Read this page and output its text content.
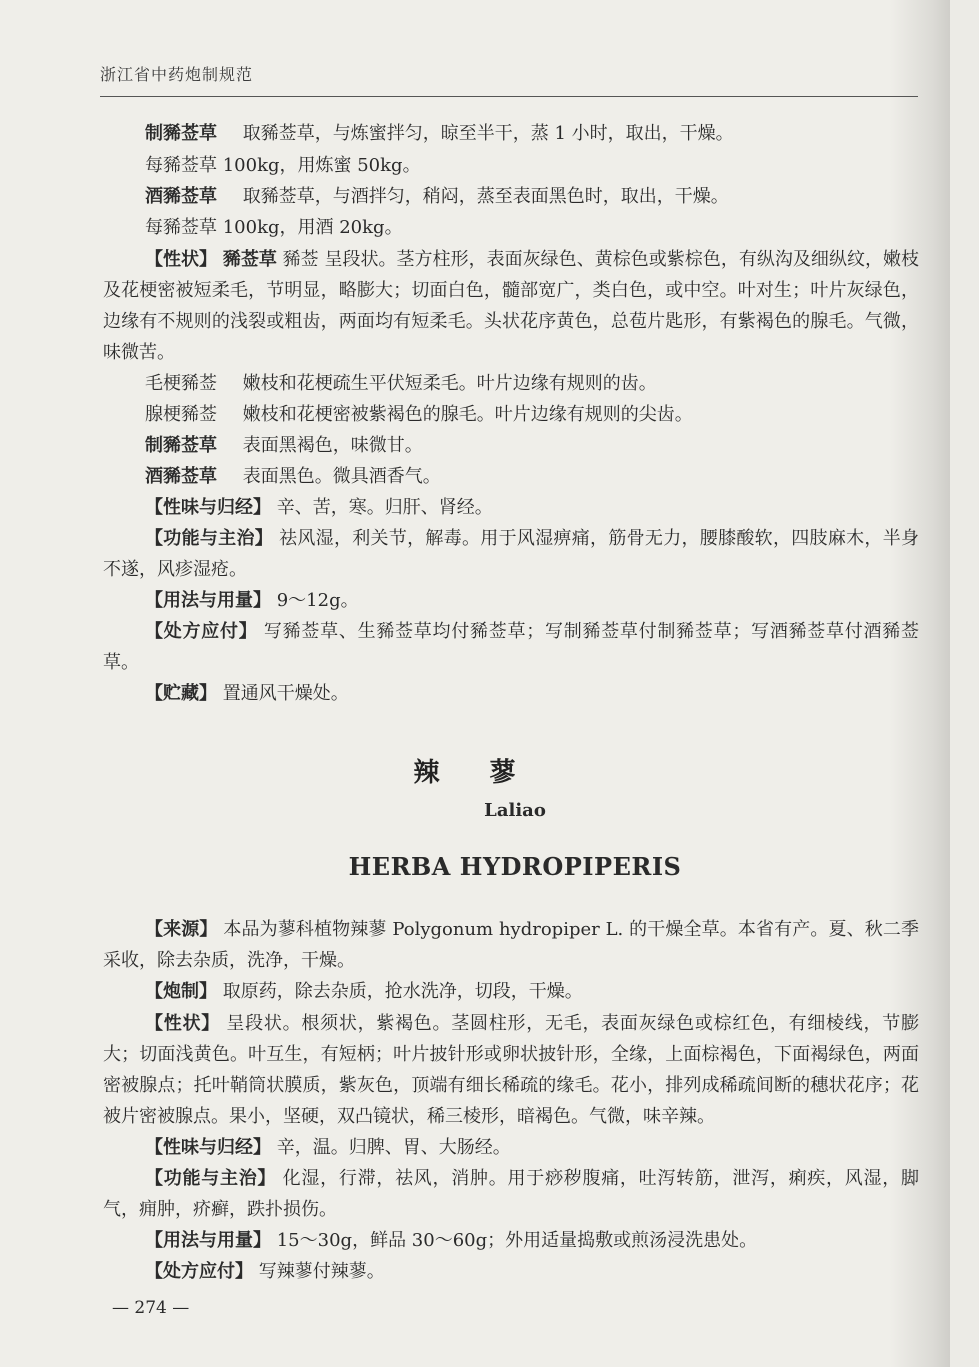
浙江省中药炮制规范
制豨莶草 取豨莶草，与炼蜜拌匀，晾至半干，蒸 1 小时，取出，干燥。
每豨莶草 100kg，用炼蜜 50kg。
酒豨莶草 取豨莶草，与酒拌匀，稍闷，蒸至表面黑色时，取出，干燥。
每豨莶草 100kg，用酒 20kg。
【性状】 豨莶草 豨莶 呈段状。茎方柱形，表面灰绿色、黄棕色或紫棕色，有纵沟及细纵纹，嫩枝及花梗密被短柔毛，节明显，略膨大；切面白色，髓部宽广，类白色，或中空。叶对生；叶片灰绿色，边缘有不规则的浅裂或粗齿，两面均有短柔毛。头状花序黄色，总苞片匙形，有紫褐色的腺毛。气微，味微苦。
毛梗豨莶 嫩枝和花梗疏生平伏短柔毛。叶片边缘有规则的齿。
腺梗豨莶 嫩枝和花梗密被紫褐色的腺毛。叶片边缘有规则的尖齿。
制豨莶草 表面黑褐色，味微甘。
酒豨莶草 表面黑色。微具酒香气。
【性味与归经】 辛、苦，寒。归肝、肾经。
【功能与主治】 祛风湿，利关节，解毒。用于风湿痹痛，筋骨无力，腰膝酸软，四肢麻木，半身不遂，风疹湿疮。
【用法与用量】 9～12g。
【处方应付】 写豨莶草、生豨莶草均付豨莶草；写制豨莶草付制豨莶草；写酒豨莶草付酒豨莶草。
【贮藏】 置通风干燥处。
辣蓼
Laliao
HERBA HYDROPIPERIS
【来源】 本品为蓼科植物辣蓼 Polygonum hydropiper L. 的干燥全草。本省有产。夏、秋二季采收，除去杂质，洗净，干燥。
【炮制】 取原药，除去杂质，抢水洗净，切段，干燥。
【性状】 呈段状。根须状，紫褐色。茎圆柱形，无毛，表面灰绿色或棕红色，有细棱线，节膨大；切面浅黄色。叶互生，有短柄；叶片披针形或卵状披针形，全缘，上面棕褐色，下面褐绿色，两面密被腺点；托叶鞘筒状膜质，紫灰色，顶端有细长稀疏的缘毛。花小，排列成稀疏间断的穗状花序；花被片密被腺点。果小，坚硬，双凸镜状，稀三棱形，暗褐色。气微，味辛辣。
【性味与归经】 辛，温。归脾、胃、大肠经。
【功能与主治】 化湿，行滞，祛风，消肿。用于痧秽腹痛，吐泻转筋，泄泻，痢疾，风湿，脚气，痈肿，疥癣，跌扑损伤。
【用法与用量】 15～30g，鲜品 30～60g；外用适量捣敷或煎汤浸洗患处。
【处方应付】 写辣蓼付辣蓼。
— 274 —
